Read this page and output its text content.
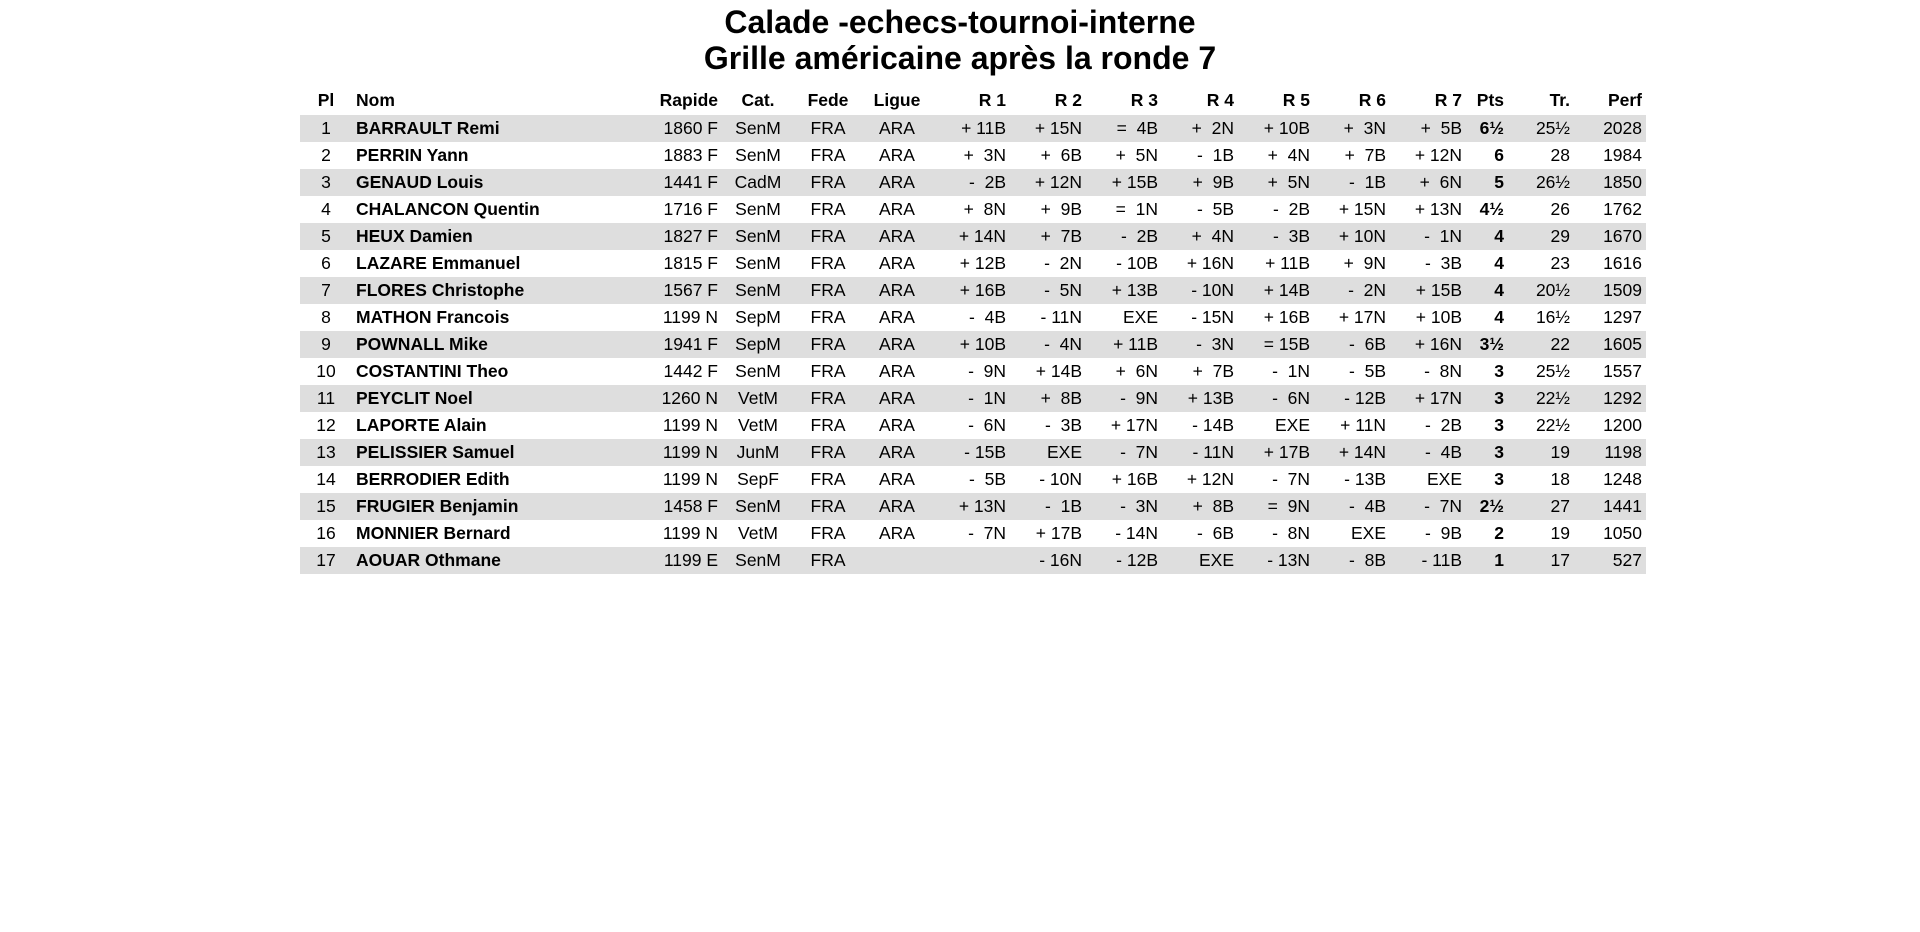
Calade -echecs-tournoi-interne
Grille américaine après la ronde 7
Pl	Nom	Rapide	Cat.	Fede	Ligue	R 1	R 2	R 3	R 4	R 5	R 6	R 7	Pts	Tr.	Perf
1	BARRAULT Remi	1860 F	SenM	FRA	ARA	+ 11B	+ 15N	=  4B	+  2N	+ 10B	+  3N	+  5B	6½	25½	2028
2	PERRIN Yann	1883 F	SenM	FRA	ARA	+  3N	+  6B	+  5N	-  1B	+  4N	+  7B	+ 12N	6	28	1984
3	GENAUD Louis	1441 F	CadM	FRA	ARA	-  2B	+ 12N	+ 15B	+  9B	+  5N	-  1B	+  6N	5	26½	1850
4	CHALANCON Quentin	1716 F	SenM	FRA	ARA	+  8N	+  9B	=  1N	-  5B	-  2B	+ 15N	+ 13N	4½	26	1762
5	HEUX Damien	1827 F	SenM	FRA	ARA	+ 14N	+  7B	-  2B	+  4N	-  3B	+ 10N	-  1N	4	29	1670
6	LAZARE Emmanuel	1815 F	SenM	FRA	ARA	+ 12B	-  2N	- 10B	+ 16N	+ 11B	+  9N	-  3B	4	23	1616
7	FLORES Christophe	1567 F	SenM	FRA	ARA	+ 16B	-  5N	+ 13B	- 10N	+ 14B	-  2N	+ 15B	4	20½	1509
8	MATHON Francois	1199 N	SepM	FRA	ARA	-  4B	- 11N	EXE	- 15N	+ 16B	+ 17N	+ 10B	4	16½	1297
9	POWNALL Mike	1941 F	SepM	FRA	ARA	+ 10B	-  4N	+ 11B	-  3N	= 15B	-  6B	+ 16N	3½	22	1605
10	COSTANTINI Theo	1442 F	SenM	FRA	ARA	-  9N	+ 14B	+  6N	+  7B	-  1N	-  5B	-  8N	3	25½	1557
11	PEYCLIT Noel	1260 N	VetM	FRA	ARA	-  1N	+  8B	-  9N	+ 13B	-  6N	- 12B	+ 17N	3	22½	1292
12	LAPORTE Alain	1199 N	VetM	FRA	ARA	-  6N	-  3B	+ 17N	- 14B	EXE	+ 11N	-  2B	3	22½	1200
13	PELISSIER Samuel	1199 N	JunM	FRA	ARA	- 15B	EXE	-  7N	- 11N	+ 17B	+ 14N	-  4B	3	19	1198
14	BERRODIER Edith	1199 N	SepF	FRA	ARA	-  5B	- 10N	+ 16B	+ 12N	-  7N	- 13B	EXE	3	18	1248
15	FRUGIER Benjamin	1458 F	SenM	FRA	ARA	+ 13N	-  1B	-  3N	+  8B	=  9N	-  4B	-  7N	2½	27	1441
16	MONNIER Bernard	1199 N	VetM	FRA	ARA	-  7N	+ 17B	- 14N	-  6B	-  8N	EXE	-  9B	2	19	1050
17	AOUAR Othmane	1199 E	SenM	FRA			- 16N	- 12B	EXE	- 13N	-  8B	- 11B	1	17	527
